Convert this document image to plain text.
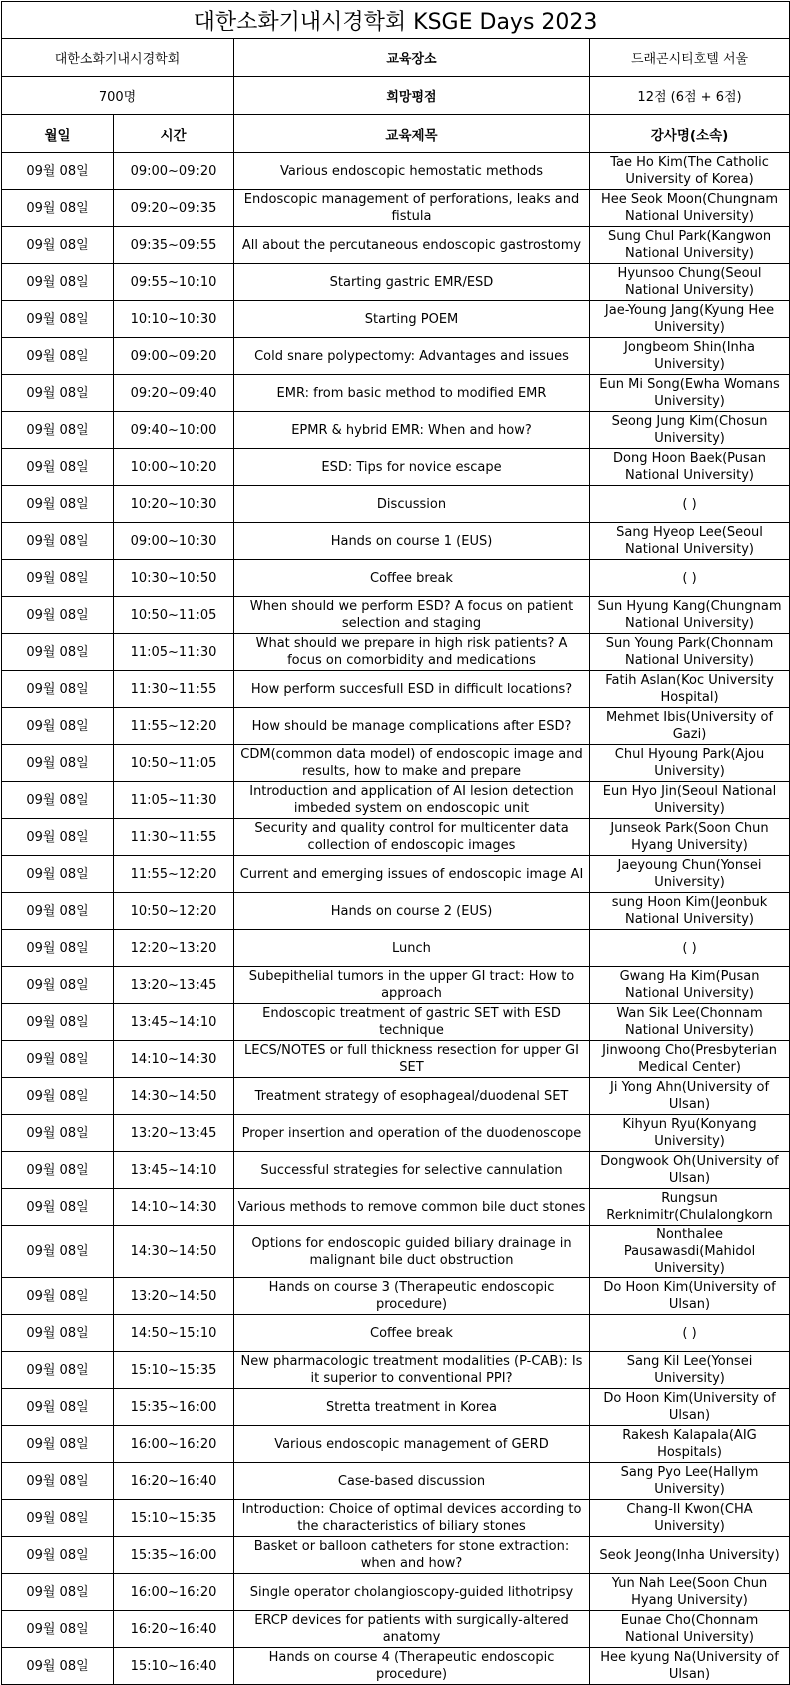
대한소화기내시경학회 KSGE Days 2023			
대한소화기내시경학회		교육장소	드래곤시티호텔 서울
700명		희망평점	12점 (6점 + 6점)
월일	시간	교육제목	강사명(소속)
09월 08일	09:00~09:20	Various endoscopic hemostatic methods	Tae Ho Kim(The Catholic University of Korea)
09월 08일	09:20~09:35	Endoscopic management of perforations, leaks and fistula	Hee Seok Moon(Chungnam National University)
09월 08일	09:35~09:55	All about the percutaneous endoscopic gastrostomy	Sung Chul Park(Kangwon National University)
09월 08일	09:55~10:10	Starting gastric EMR/ESD	Hyunsoo Chung(Seoul National University)
09월 08일	10:10~10:30	Starting POEM	Jae-Young Jang(Kyung Hee University)
09월 08일	09:00~09:20	Cold snare polypectomy: Advantages and issues	Jongbeom Shin(Inha University)
09월 08일	09:20~09:40	EMR: from basic method to modified EMR	Eun Mi Song(Ewha Womans University)
09월 08일	09:40~10:00	EPMR & hybrid EMR: When and how?	Seong Jung Kim(Chosun University)
09월 08일	10:00~10:20	ESD: Tips for novice escape	Dong Hoon Baek(Pusan National University)
09월 08일	10:20~10:30	Discussion	( )
09월 08일	09:00~10:30	Hands on course 1 (EUS)	Sang Hyeop Lee(Seoul National University)
09월 08일	10:30~10:50	Coffee break	( )
09월 08일	10:50~11:05	When should we perform ESD? A focus on patient selection and staging	Sun Hyung Kang(Chungnam National University)
09월 08일	11:05~11:30	What should we prepare in high risk patients? A focus on comorbidity and medications	Sun Young Park(Chonnam National University)
09월 08일	11:30~11:55	How perform succesfull ESD in difficult locations?	Fatih Aslan(Koc University Hospital)
09월 08일	11:55~12:20	How should be manage complications after ESD?	Mehmet Ibis(University of Gazi)
09월 08일	10:50~11:05	CDM(common data model) of endoscopic image and results, how to make and prepare	Chul Hyoung Park(Ajou University)
09월 08일	11:05~11:30	Introduction and application of AI lesion detection imbeded system on endoscopic unit	Eun Hyo Jin(Seoul National University)
09월 08일	11:30~11:55	Security and quality control for multicenter data collection of endoscopic images	Junseok Park(Soon Chun Hyang University)
09월 08일	11:55~12:20	Current and emerging issues of endoscopic image AI	Jaeyoung Chun(Yonsei University)
09월 08일	10:50~12:20	Hands on course 2 (EUS)	sung Hoon Kim(Jeonbuk National University)
09월 08일	12:20~13:20	Lunch	( )
09월 08일	13:20~13:45	Subepithelial tumors in the upper GI tract: How to approach	Gwang Ha Kim(Pusan National University)
09월 08일	13:45~14:10	Endoscopic treatment of gastric SET with ESD technique	Wan Sik Lee(Chonnam National University)
09월 08일	14:10~14:30	LECS/NOTES or full thickness resection for upper GI SET	Jinwoong Cho(Presbyterian Medical Center)
09월 08일	14:30~14:50	Treatment strategy of esophageal/duodenal SET	Ji Yong Ahn(University of Ulsan)
09월 08일	13:20~13:45	Proper insertion and operation of the duodenoscope	Kihyun Ryu(Konyang University)
09월 08일	13:45~14:10	Successful strategies for selective cannulation	Dongwook Oh(University of Ulsan)
09월 08일	14:10~14:30	Various methods to remove common bile duct stones	Rungsun Rerknimitr(Chulalongkorn
09월 08일	14:30~14:50	Options for endoscopic guided biliary drainage in malignant bile duct obstruction	Nonthalee Pausawasdi(Mahidol University)
09월 08일	13:20~14:50	Hands on course 3 (Therapeutic endoscopic procedure)	Do Hoon Kim(University of Ulsan)
09월 08일	14:50~15:10	Coffee break	( )
09월 08일	15:10~15:35	New pharmacologic treatment modalities (P-CAB): Is it superior to conventional PPI?	Sang Kil Lee(Yonsei University)
09월 08일	15:35~16:00	Stretta treatment in Korea	Do Hoon Kim(University of Ulsan)
09월 08일	16:00~16:20	Various endoscopic management of GERD	Rakesh Kalapala(AIG Hospitals)
09월 08일	16:20~16:40	Case-based discussion	Sang Pyo Lee(Hallym University)
09월 08일	15:10~15:35	Introduction: Choice of optimal devices according to the characteristics of biliary stones	Chang-Il Kwon(CHA University)
09월 08일	15:35~16:00	Basket or balloon catheters for stone extraction: when and how?	Seok Jeong(Inha University)
09월 08일	16:00~16:20	Single operator cholangioscopy-guided lithotripsy	Yun Nah Lee(Soon Chun Hyang University)
09월 08일	16:20~16:40	ERCP devices for patients with surgically-altered anatomy	Eunae Cho(Chonnam National University)
09월 08일	15:10~16:40	Hands on course 4 (Therapeutic endoscopic procedure)	Hee kyung Na(University of Ulsan)
